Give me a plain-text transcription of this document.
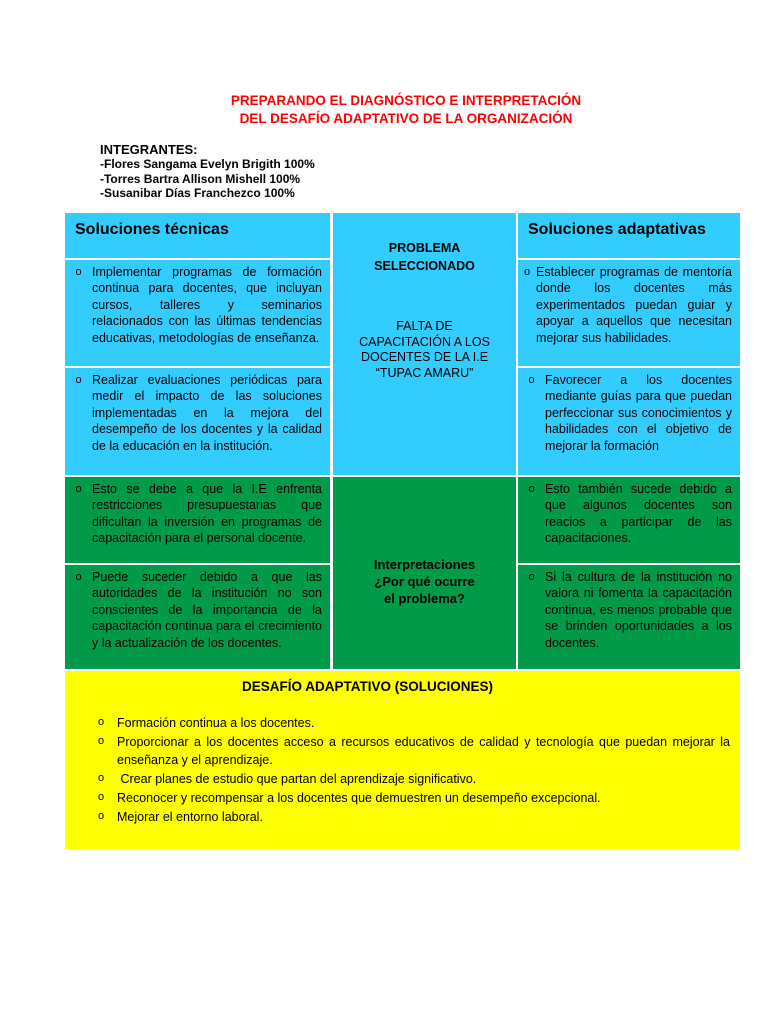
PREPARANDO EL DIAGNÓSTICO E INTERPRETACIÓN
DEL DESAFÍO ADAPTATIVO DE LA ORGANIZACIÓN
INTEGRANTES:
-Flores Sangama Evelyn Brigith 100%
-Torres Bartra Allison Mishell 100%
-Susanibar Días Franchezco 100%
Soluciones técnicas
o Implementar programas de formación continua para docentes, que incluyan cursos, talleres y seminarios relacionados con las últimas tendencias educativas, metodologías de enseñanza.
o Realizar evaluaciones periódicas para medir el impacto de las soluciones implementadas en la mejora del desempeño de los docentes y la calidad de la educación en la institución.
PROBLEMA
SELECCIONADO
FALTA DE
CAPACITACIÓN A LOS
DOCENTES DE LA I.E
“TUPAC AMARU”
Soluciones adaptativas
o Establecer programas de mentoría donde los docentes más experimentados puedan guiar y apoyar a aquellos que necesitan mejorar sus habilidades.
o Favorecer a los docentes mediante guías para que puedan perfeccionar sus conocimientos y habilidades con el objetivo de mejorar la formación
o Esto se debe a que la I.E enfrenta restricciones presupuestarias que dificultan la inversión en programas de capacitación para el personal docente.
o Puede suceder debido a que las autoridades de la institución no son conscientes de la importancia de la capacitación continua para el crecimiento y la actualización de los docentes.
Interpretaciones
¿Por qué ocurre
el problema?
o Esto también sucede debido a que algunos docentes son reacios a participar de las capacitaciones.
o Si la cultura de la institución no valora ni fomenta la capacitación continua, es menos probable que se brinden oportunidades a los docentes.
DESAFÍO ADAPTATIVO (SOLUCIONES)
o	Formación continua a los docentes.
o	Proporcionar a los docentes acceso a recursos educativos de calidad y tecnología que puedan mejorar la enseñanza y el aprendizaje.
o	Crear planes de estudio que partan del aprendizaje significativo.
o	Reconocer y recompensar a los docentes que demuestren un desempeño excepcional.
o	Mejorar el entorno laboral.
